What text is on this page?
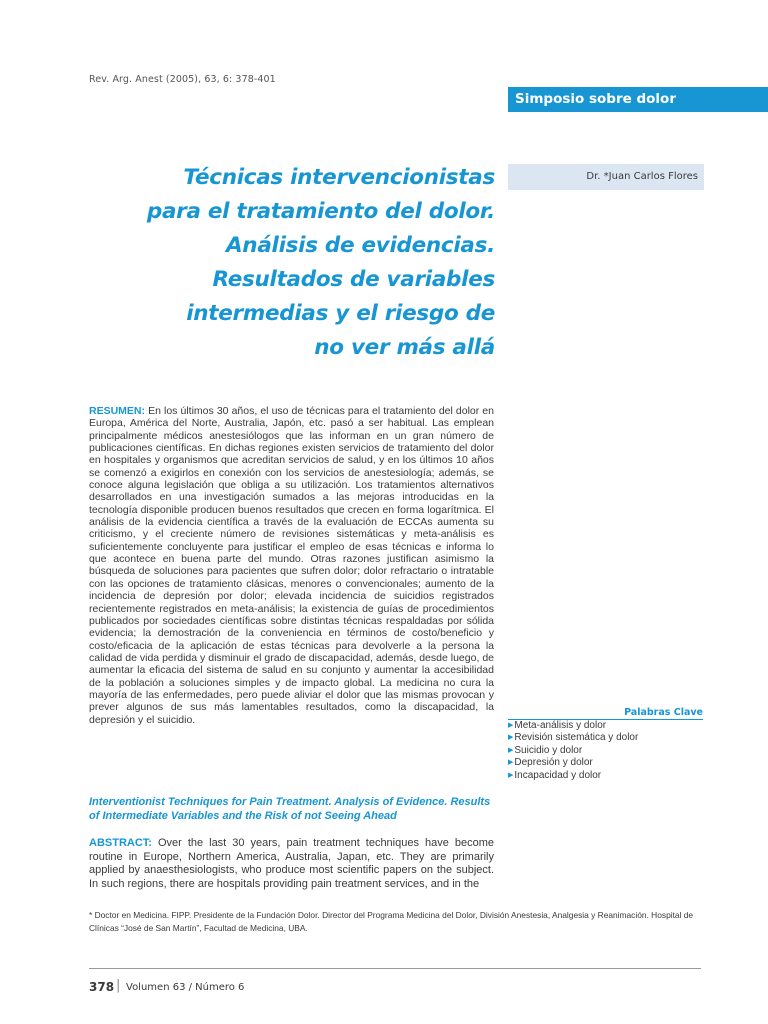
Rev. Arg. Anest (2005), 63, 6: 378-401
Simposio sobre dolor
Técnicas intervencionistas
para el tratamiento del dolor.
Análisis de evidencias.
Resultados de variables
intermedias y el riesgo de
no ver más allá
Dr. *Juan Carlos Flores
RESUMEN: En los últimos 30 años, el uso de técnicas para el tratamiento del dolor en Europa, América del Norte, Australia, Japón, etc. pasó a ser habitual. Las emplean principalmente médicos anestesiólogos que las informan en un gran número de publicaciones científicas. En dichas regiones existen servicios de tratamiento del dolor en hospitales y organismos que acreditan servicios de salud, y en los últimos 10 años se comenzó a exigirlos en conexión con los servicios de anestesiología; además, se conoce alguna legislación que obliga a su utilización. Los tratamientos alternativos desarrollados en una investigación sumados a las mejoras introducidas en la tecnología disponible producen buenos resultados que crecen en forma logarítmica. El análisis de la evidencia científica a través de la evaluación de ECCAs aumenta su criticismo, y el creciente número de revisiones sistemáticas y meta-análisis es suficientemente concluyente para justificar el empleo de esas técnicas e informa lo que acontece en buena parte del mundo. Otras razones justifican asimismo la búsqueda de soluciones para pacientes que sufren dolor; dolor refractario o intratable con las opciones de tratamiento clásicas, menores o convencionales; aumento de la incidencia de depresión por dolor; elevada incidencia de suicidios registrados recientemente registrados en meta-análisis; la existencia de guías de procedimientos publicados por sociedades científicas sobre distintas técnicas respaldadas por sólida evidencia; la demostración de la conveniencia en términos de costo/beneficio y costo/eficacia de la aplicación de estas técnicas para devolverle a la persona la calidad de vida perdida y disminuir el grado de discapacidad, además, desde luego, de aumentar la eficacia del sistema de salud en su conjunto y aumentar la accesibilidad de la población a soluciones simples y de impacto global. La medicina no cura la mayoría de las enfermedades, pero puede aliviar el dolor que las mismas provocan y prever algunos de sus más lamentables resultados, como la discapacidad, la depresión y el suicidio.
Interventionist Techniques for Pain Treatment. Analysis of Evidence. Results of Intermediate Variables and the Risk of not Seeing Ahead
ABSTRACT: Over the last 30 years, pain treatment techniques have become routine in Europe, Northern America, Australia, Japan, etc. They are primarily applied by anaesthesiologists, who produce most scientific papers on the subject. In such regions, there are hospitals providing pain treatment services, and in the
Palabras Clave
▶Meta-análisis y dolor
▶Revisión sistemática y dolor
▶Suicidio y dolor
▶Depresión y dolor
▶Incapacidad y dolor
* Doctor en Medicina. FIPP. Presidente de la Fundación Dolor. Director del Programa Medicina del Dolor, División Anestesia, Analgesia y Reanimación. Hospital de Clínicas “José de San Martín”, Facultad de Medicina, UBA.
378 | Volumen 63 / Número 6
